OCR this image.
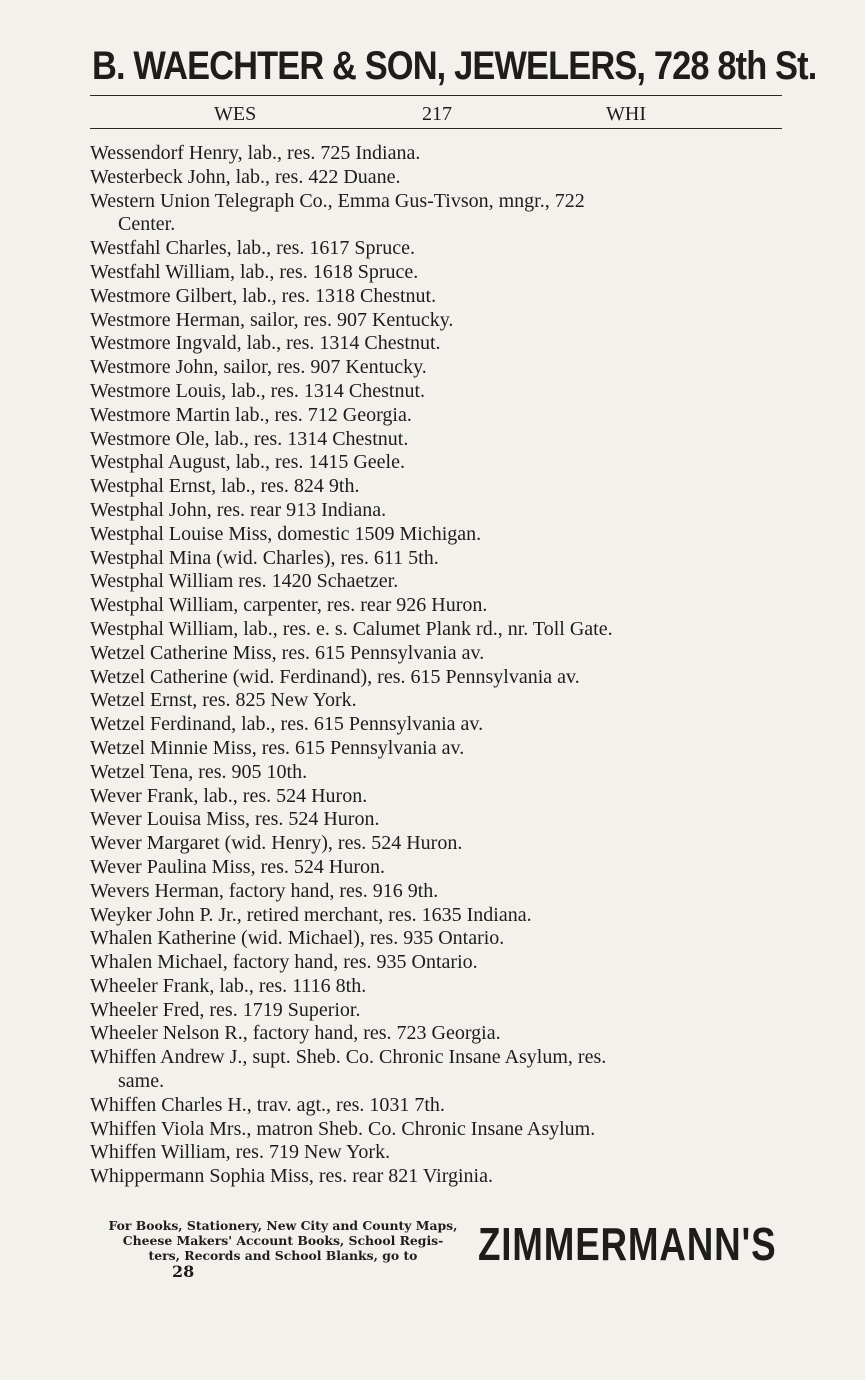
B. WAECHTER & SON, JEWELERS, 728 8th St.
WES	217	WHI
Wessendorf Henry, lab., res. 725 Indiana.
Westerbeck John, lab., res. 422 Duane.
Western Union Telegraph Co., Emma Gus-Tivson, mngr., 722
Center.
Westfahl Charles, lab., res. 1617 Spruce.
Westfahl William, lab., res. 1618 Spruce.
Westmore Gilbert, lab., res. 1318 Chestnut.
Westmore Herman, sailor, res. 907 Kentucky.
Westmore Ingvald, lab., res. 1314 Chestnut.
Westmore John, sailor, res. 907 Kentucky.
Westmore Louis, lab., res. 1314 Chestnut.
Westmore Martin lab., res. 712 Georgia.
Westmore Ole, lab., res. 1314 Chestnut.
Westphal August, lab., res. 1415 Geele.
Westphal Ernst, lab., res. 824 9th.
Westphal John, res. rear 913 Indiana.
Westphal Louise Miss, domestic 1509 Michigan.
Westphal Mina (wid. Charles), res. 611 5th.
Westphal William res. 1420 Schaetzer.
Westphal William, carpenter, res. rear 926 Huron.
Westphal William, lab., res. e. s. Calumet Plank rd., nr. Toll Gate.
Wetzel Catherine Miss, res. 615 Pennsylvania av.
Wetzel Catherine (wid. Ferdinand), res. 615 Pennsylvania av.
Wetzel Ernst, res. 825 New York.
Wetzel Ferdinand, lab., res. 615 Pennsylvania av.
Wetzel Minnie Miss, res. 615 Pennsylvania av.
Wetzel Tena, res. 905 10th.
Wever Frank, lab., res. 524 Huron.
Wever Louisa Miss, res. 524 Huron.
Wever Margaret (wid. Henry), res. 524 Huron.
Wever Paulina Miss, res. 524 Huron.
Wevers Herman, factory hand, res. 916 9th.
Weyker John P. Jr., retired merchant, res. 1635 Indiana.
Whalen Katherine (wid. Michael), res. 935 Ontario.
Whalen Michael, factory hand, res. 935 Ontario.
Wheeler Frank, lab., res. 1116 8th.
Wheeler Fred, res. 1719 Superior.
Wheeler Nelson R., factory hand, res. 723 Georgia.
Whiffen Andrew J., supt. Sheb. Co. Chronic Insane Asylum, res.
same.
Whiffen Charles H., trav. agt., res. 1031 7th.
Whiffen Viola Mrs., matron Sheb. Co. Chronic Insane Asylum.
Whiffen William, res. 719 New York.
Whippermann Sophia Miss, res. rear 821 Virginia.
For Books, Stationery, New City and County Maps,
Cheese Makers' Account Books, School Regis-
ters, Records and School Blanks, go to
28
ZIMMERMANN'S
